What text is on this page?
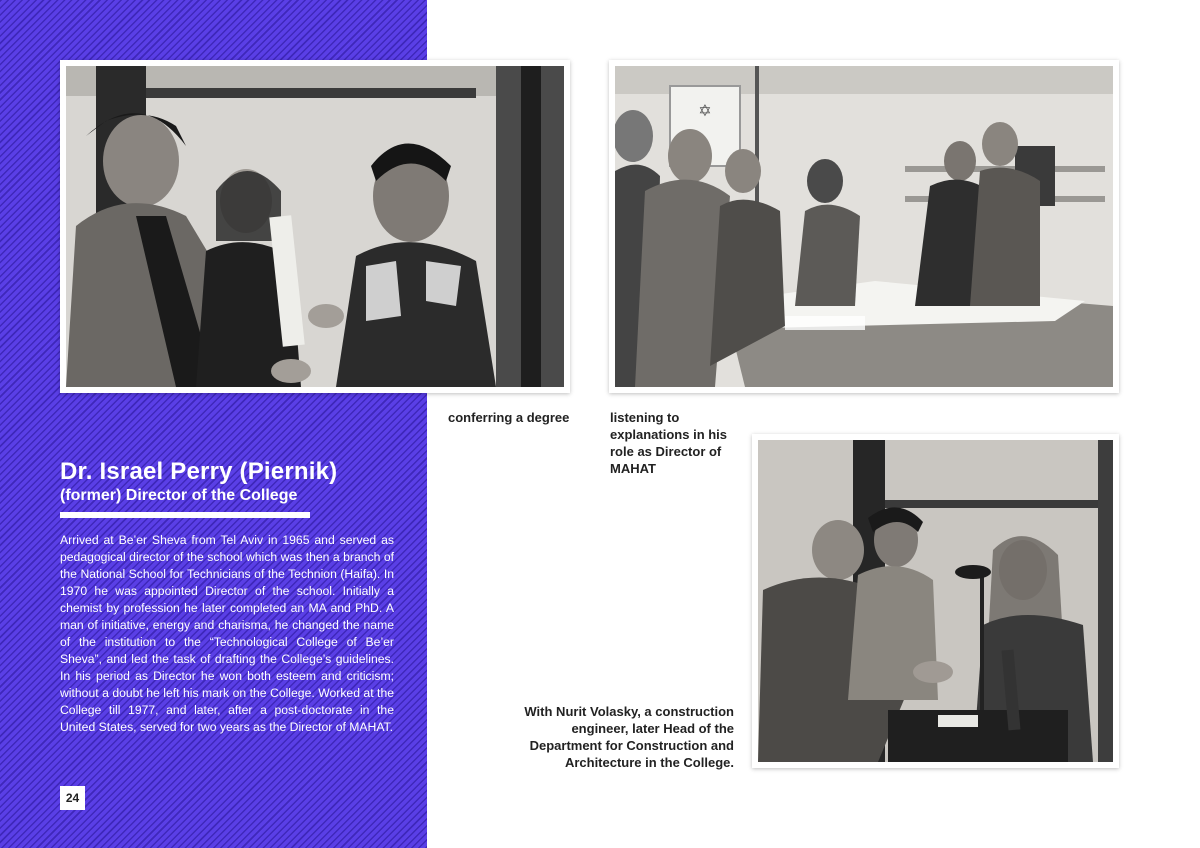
✡
conferring a degree	listening to explanations in his role as Director of MAHAT
With Nurit Volasky, a construction engineer, later Head of the Department for Construction and Architecture in the College.
Dr. Israel Perry (Piernik)
(former) Director of the College
Arrived at Be’er Sheva from Tel Aviv in 1965 and served as pedagogical director of the school which was then a branch of the National School for Technicians of the Technion (Haifa). In 1970 he was appointed Director of the school. Initially a chemist by profession he later completed an MA and PhD. A man of initiative, energy and charisma, he changed the name of the institution to the “Technological College of Be’er Sheva”, and led the task of drafting the College’s guidelines. In his period as Director he won both esteem and criticism; without a doubt he left his mark on the College. Worked at the College till 1977, and later, after a post-doctorate in the United States, served for two years as the Director of MAHAT.
24
